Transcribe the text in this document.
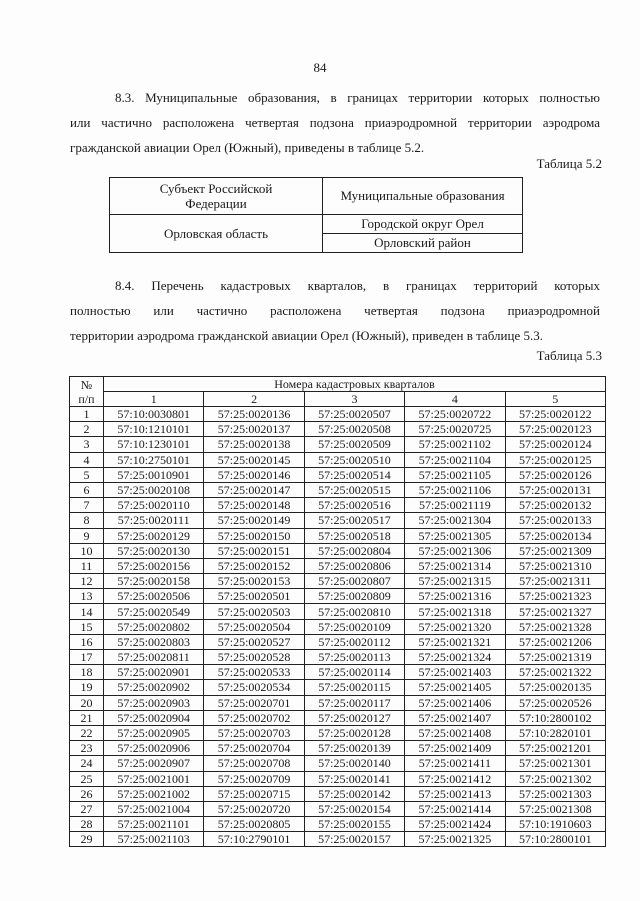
84
8.3. Муниципальные образования, в границах территории которых полностью
или частично расположена четвертая подзона приаэродромной территории аэродрома
гражданской авиации Орел (Южный), приведены в таблице 5.2.
Таблица 5.2
Субъект Российской
Федерации	Муниципальные образования
Орловская область	Городской округ Орел
	Орловский район
8.4. Перечень кадастровых кварталов, в границах территорий которых
полностью или частично расположена четвертая подзона приаэродромной
территории аэродрома гражданской авиации Орел (Южный), приведен в таблице 5.3.
Таблица 5.3
№
п/п	Номера кадастровых кварталов				
	1	2	3	4	5
1	57:10:0030801	57:25:0020136	57:25:0020507	57:25:0020722	57:25:0020122
2	57:10:1210101	57:25:0020137	57:25:0020508	57:25:0020725	57:25:0020123
3	57:10:1230101	57:25:0020138	57:25:0020509	57:25:0021102	57:25:0020124
4	57:10:2750101	57:25:0020145	57:25:0020510	57:25:0021104	57:25:0020125
5	57:25:0010901	57:25:0020146	57:25:0020514	57:25:0021105	57:25:0020126
6	57:25:0020108	57:25:0020147	57:25:0020515	57:25:0021106	57:25:0020131
7	57:25:0020110	57:25:0020148	57:25:0020516	57:25:0021119	57:25:0020132
8	57:25:0020111	57:25:0020149	57:25:0020517	57:25:0021304	57:25:0020133
9	57:25:0020129	57:25:0020150	57:25:0020518	57:25:0021305	57:25:0020134
10	57:25:0020130	57:25:0020151	57:25:0020804	57:25:0021306	57:25:0021309
11	57:25:0020156	57:25:0020152	57:25:0020806	57:25:0021314	57:25:0021310
12	57:25:0020158	57:25:0020153	57:25:0020807	57:25:0021315	57:25:0021311
13	57:25:0020506	57:25:0020501	57:25:0020809	57:25:0021316	57:25:0021323
14	57:25:0020549	57:25:0020503	57:25:0020810	57:25:0021318	57:25:0021327
15	57:25:0020802	57:25:0020504	57:25:0020109	57:25:0021320	57:25:0021328
16	57:25:0020803	57:25:0020527	57:25:0020112	57:25:0021321	57:25:0021206
17	57:25:0020811	57:25:0020528	57:25:0020113	57:25:0021324	57:25:0021319
18	57:25:0020901	57:25:0020533	57:25:0020114	57:25:0021403	57:25:0021322
19	57:25:0020902	57:25:0020534	57:25:0020115	57:25:0021405	57:25:0020135
20	57:25:0020903	57:25:0020701	57:25:0020117	57:25:0021406	57:25:0020526
21	57:25:0020904	57:25:0020702	57:25:0020127	57:25:0021407	57:10:2800102
22	57:25:0020905	57:25:0020703	57:25:0020128	57:25:0021408	57:10:2820101
23	57:25:0020906	57:25:0020704	57:25:0020139	57:25:0021409	57:25:0021201
24	57:25:0020907	57:25:0020708	57:25:0020140	57:25:0021411	57:25:0021301
25	57:25:0021001	57:25:0020709	57:25:0020141	57:25:0021412	57:25:0021302
26	57:25:0021002	57:25:0020715	57:25:0020142	57:25:0021413	57:25:0021303
27	57:25:0021004	57:25:0020720	57:25:0020154	57:25:0021414	57:25:0021308
28	57:25:0021101	57:25:0020805	57:25:0020155	57:25:0021424	57:10:1910603
29	57:25:0021103	57:10:2790101	57:25:0020157	57:25:0021325	57:10:2800101
